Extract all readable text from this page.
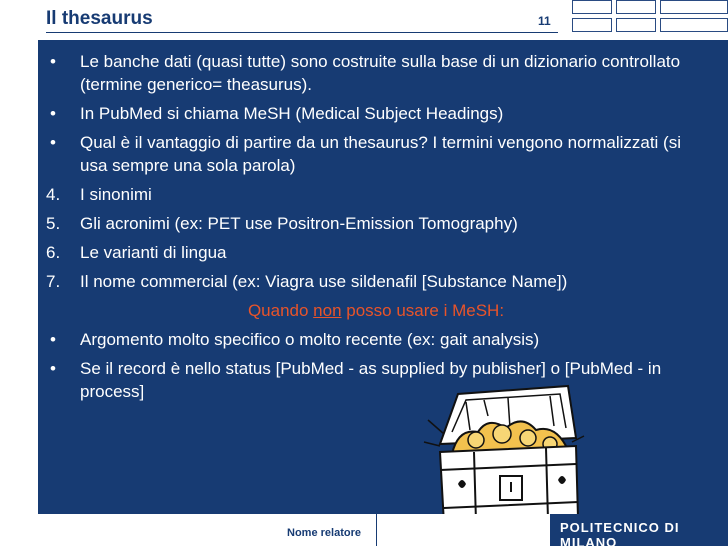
Il thesaurus	11
•	Le banche dati (quasi tutte) sono costruite sulla base di un dizionario controllato (termine generico= theasurus).
•	In PubMed si chiama MeSH (Medical Subject Headings)
•	Qual è il vantaggio di partire da un thesaurus? I termini vengono normalizzati (si usa sempre una sola parola)
4.	I sinonimi
5.	Gli acronimi (ex: PET use Positron-Emission Tomography)
6.	Le varianti di lingua
7.	Il nome commercial (ex: Viagra use sildenafil [Substance Name])
Quando non posso usare i MeSH:
•	Argomento molto specifico o molto recente (ex: gait analysis)
•	Se il record è nello status [PubMed - as supplied by publisher] o [PubMed - in process]
Nome relatore	POLITECNICO DI MILANO
